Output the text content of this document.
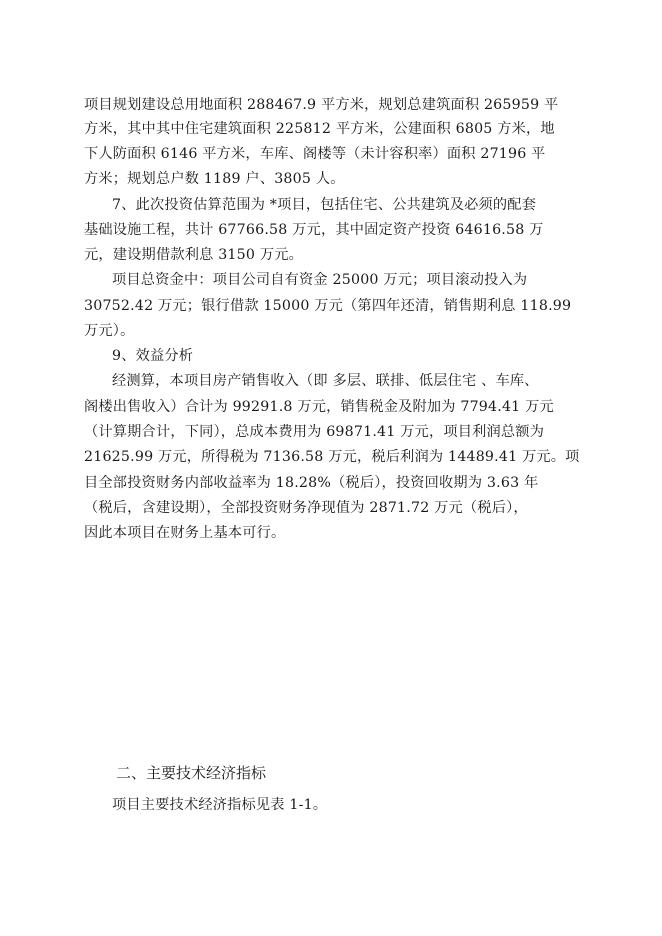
项目规划建设总用地面积 288467.9 平方米，规划总建筑面积 265959 平
方米，其中其中住宅建筑面积 225812 平方米，公建面积 6805 方米，地
下人防面积 6146 平方米，车库、阁楼等（未计容积率）面积 27196 平
方米；规划总户数 1189 户、3805 人。
7、此次投资估算范围为 *项目，包括住宅、公共建筑及必须的配套
基础设施工程，共计 67766.58 万元，其中固定资产投资 64616.58 万
元，建设期借款利息 3150 万元。
项目总资金中：项目公司自有资金 25000 万元；项目滚动投入为
30752.42 万元；银行借款 15000 万元（第四年还清，销售期利息 118.99
万元）。
9、效益分析
经测算，本项目房产销售收入（即 多层、联排、低层住宅 、车库、
阁楼出售收入）合计为 99291.8 万元，销售税金及附加为 7794.41 万元
（计算期合计，下同），总成本费用为 69871.41 万元，项目利润总额为
21625.99 万元，所得税为 7136.58 万元，税后利润为 14489.41 万元。项
目全部投资财务内部收益率为 18.28%（税后），投资回收期为 3.63 年
（税后，含建设期），全部投资财务净现值为 2871.72 万元（税后），
因此本项目在财务上基本可行。
二、主要技术经济指标
项目主要技术经济指标见表 1-1。
